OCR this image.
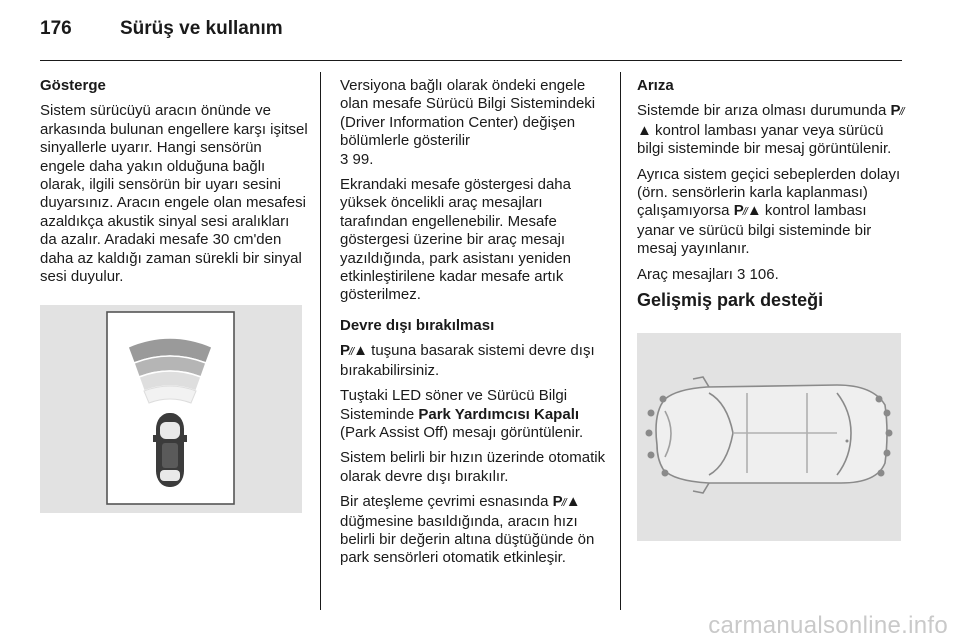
176	Sürüş ve kullanım

Gösterge

Sistem sürücüyü aracın önünde ve arkasında bulunan engellere karşı işitsel sinyallerle uyarır. Hangi sensörün engele daha yakın olduğuna bağlı olarak, ilgili sensörün bir uyarı sesini duyarsınız. Aracın engele olan mesafesi azaldıkça akustik sinyal sesi aralıkları da azalır. Aradaki mesafe 30 cm'den daha az kaldığı zaman sürekli bir sinyal sesi duyulur.

Versiyona bağlı olarak öndeki engele olan mesafe Sürücü Bilgi Sistemindeki (Driver Information Center) değişen bölümlerle gösterilir
3 99.

Ekrandaki mesafe göstergesi daha yüksek öncelikli araç mesajları tarafından engellenebilir. Mesafe göstergesi üzerine bir araç mesajı yazıldığında, park asistanı yeniden etkinleştirilene kadar mesafe artık gösterilmez.

Devre dışı bırakılması

P//▲ tuşuna basarak sistemi devre dışı bırakabilirsiniz.

Tuştaki LED söner ve Sürücü Bilgi Sisteminde Park Yardımcısı Kapalı (Park Assist Off) mesajı görüntülenir.

Sistem belirli bir hızın üzerinde otomatik olarak devre dışı bırakılır.

Bir ateşleme çevrimi esnasında P//▲ düğmesine basıldığında, aracın hızı belirli bir değerin altına düştüğünde ön park sensörleri otomatik etkinleşir.

Arıza

Sistemde bir arıza olması durumunda P//▲ kontrol lambası yanar veya sürücü bilgi sisteminde bir mesaj görüntülenir.

Ayrıca sistem geçici sebeplerden dolayı (örn. sensörlerin karla kaplanması) çalışamıyorsa P//▲ kontrol lambası yanar ve sürücü bilgi sisteminde bir mesaj yayınlanır.

Araç mesajları 3 106.

Gelişmiş park desteği

carmanualsonline.info
